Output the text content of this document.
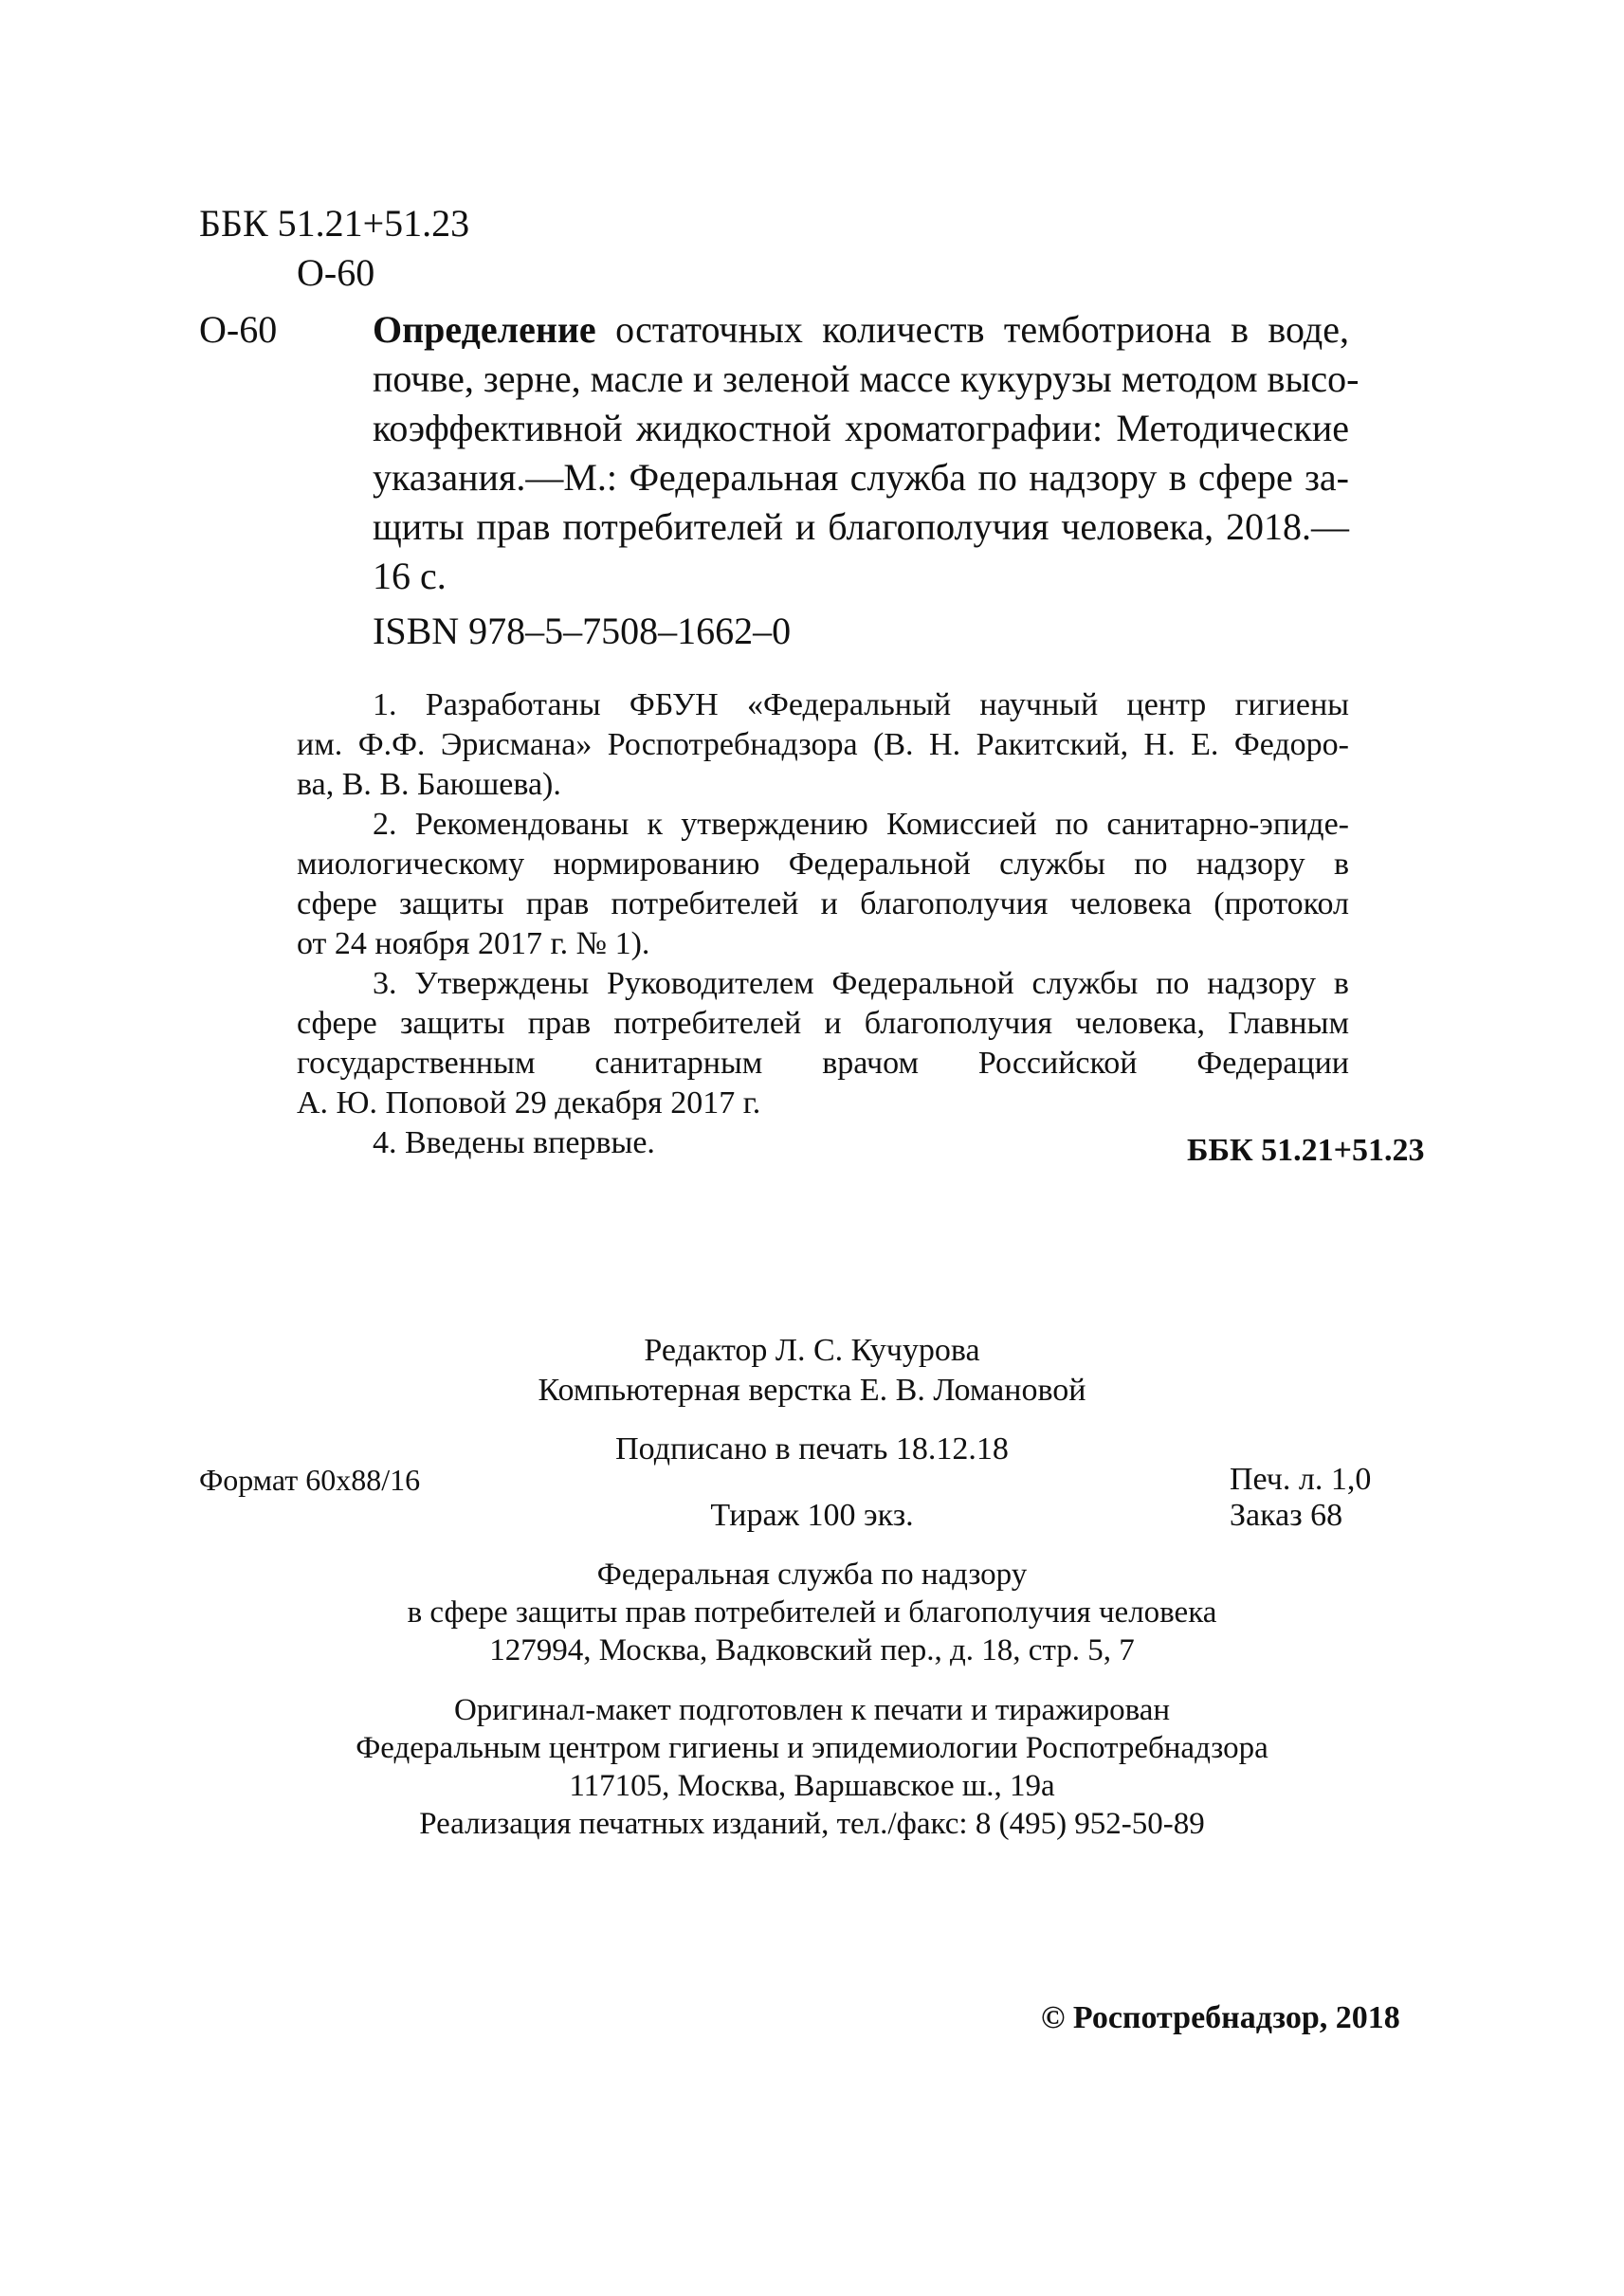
ББК 51.21+51.23
О-60
О-60	Определение остаточных количеств темботриона в воде,
почве, зерне, масле и зеленой массе кукурузы методом высо-
коэффективной жидкостной хроматографии: Методические
указания.—М.: Федеральная служба по надзору в сфере за-
щиты прав потребителей и благополучия человека, 2018.—
16 с.
ISBN 978–5–7508–1662–0
1. Разработаны ФБУН «Федеральный научный центр гигиены
им. Ф.Ф. Эрисмана» Роспотребнадзора (В. Н. Ракитский, Н. Е. Федоро-
ва, В. В. Баюшева).
2. Рекомендованы к утверждению Комиссией по санитарно-эпиде-
миологическому нормированию Федеральной службы по надзору в
сфере защиты прав потребителей и благополучия человека (протокол
от 24 ноября 2017 г. № 1).
3. Утверждены Руководителем Федеральной службы по надзору в
сфере защиты прав потребителей и благополучия человека, Главным
государственным санитарным врачом Российской Федерации
А. Ю. Поповой 29 декабря 2017 г.
4. Введены впервые.	ББК 51.21+51.23
Редактор Л. С. Кучурова
Компьютерная верстка Е. В. Ломановой
Подписано в печать 18.12.18
Формат 60x88/16	Печ. л. 1,0
Тираж 100 экз.	Заказ 68
Федеральная служба по надзору
в сфере защиты прав потребителей и благополучия человека
127994, Москва, Вадковский пер., д. 18, стр. 5, 7
Оригинал-макет подготовлен к печати и тиражирован
Федеральным центром гигиены и эпидемиологии Роспотребнадзора
117105, Москва, Варшавское ш., 19а
Реализация печатных изданий, тел./факс: 8 (495) 952-50-89
© Роспотребнадзор, 2018
